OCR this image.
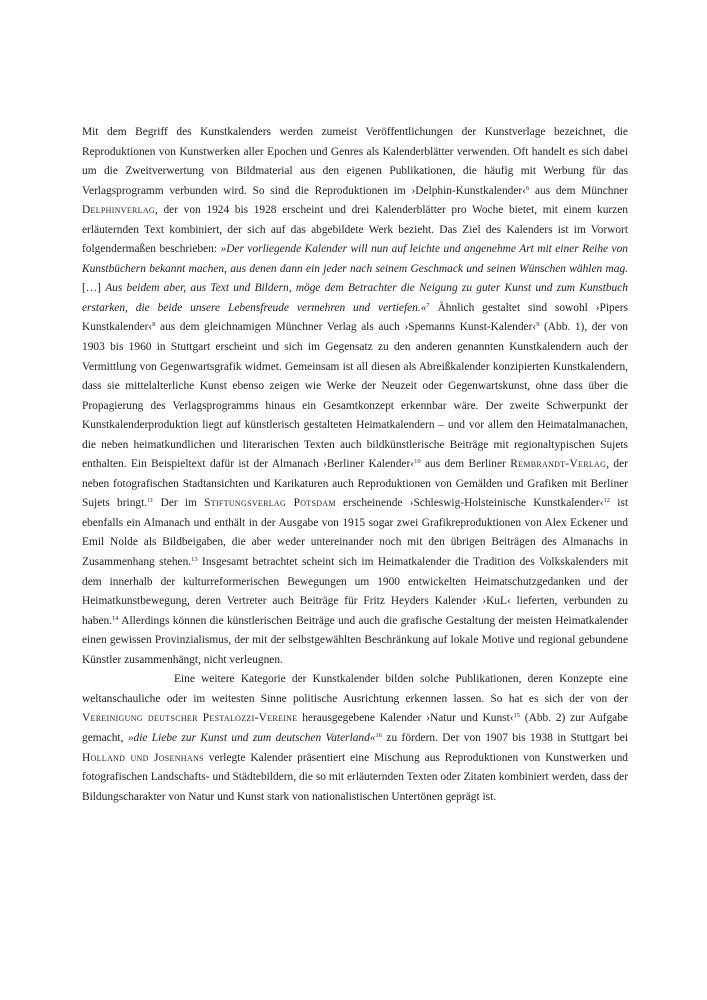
Mit dem Begriff des Kunstkalenders werden zumeist Veröffentlichungen der Kunstverlage bezeichnet, die Reproduktionen von Kunstwerken aller Epochen und Genres als Kalenderblätter verwenden. Oft handelt es sich dabei um die Zweitverwertung von Bildmaterial aus den eigenen Publikationen, die häufig mit Werbung für das Verlagsprogramm verbunden wird. So sind die Reproduktionen im ›Delphin-Kunstkalender‹$^6$ aus dem Münchner Delphinverlag, der von 1924 bis 1928 erscheint und drei Kalenderblätter pro Woche bietet, mit einem kurzen erläuternden Text kombiniert, der sich auf das abgebildete Werk bezieht. Das Ziel des Kalenders ist im Vorwort folgendermaßen beschrieben: »Der vorliegende Kalender will nun auf leichte und angenehme Art mit einer Reihe von Kunstbüchern bekannt machen, aus denen dann ein jeder nach seinem Geschmack und seinen Wünschen wählen mag. […] Aus beidem aber, aus Text und Bildern, möge dem Betrachter die Neigung zu guter Kunst und zum Kunstbuch erstarken, die beide unsere Lebensfreude vermehren und vertiefen.«$^7$ Ähnlich gestaltet sind sowohl ›Pipers Kunstkalender‹$^8$ aus dem gleichnamigen Münchner Verlag als auch ›Spemanns Kunst-Kalender‹$^9$ (Abb. 1), der von 1903 bis 1960 in Stuttgart erscheint und sich im Gegensatz zu den anderen genannten Kunstkalendern auch der Vermittlung von Gegenwartsgrafik widmet. Gemeinsam ist all diesen als Abreißkalender konzipierten Kunstkalendern, dass sie mittelalterliche Kunst ebenso zeigen wie Werke der Neuzeit oder Gegenwartskunst, ohne dass über die Propagierung des Verlagsprogramms hinaus ein Gesamtkonzept erkennbar wäre. Der zweite Schwerpunkt der Kunstkalenderproduktion liegt auf künstlerisch gestalteten Heimatkalendern – und vor allem den Heimatalmanachen, die neben heimatkundlichen und literarischen Texten auch bildkünstlerische Beiträge mit regionaltypischen Sujets enthalten. Ein Beispieltext dafür ist der Almanach ›Berliner Kalender‹$^{10}$ aus dem Berliner Rembrandt-Verlag, der neben fotografischen Stadtansichten und Karikaturen auch Reproduktionen von Gemälden und Grafiken mit Berliner Sujets bringt.$^{11}$ Der im Stiftungsverlag Potsdam erscheinende ›Schleswig-Holsteinische Kunstkalender‹$^{12}$ ist ebenfalls ein Almanach und enthält in der Ausgabe von 1915 sogar zwei Grafikreproduktionen von Alex Eckener und Emil Nolde als Bildbeigaben, die aber weder untereinander noch mit den übrigen Beiträgen des Almanachs in Zusammenhang stehen.$^{13}$ Insgesamt betrachtet scheint sich im Heimatkalender die Tradition des Volkskalenders mit dem innerhalb der kulturreformerischen Bewegungen um 1900 entwickelten Heimatschutzgedanken und der Heimatkunstbewegung, deren Vertreter auch Beiträge für Fritz Heyders Kalender ›KuL‹ lieferten, verbunden zu haben.$^{14}$ Allerdings können die künstlerischen Beiträge und auch die grafische Gestaltung der meisten Heimatkalender einen gewissen Provinzialismus, der mit der selbstgewählten Beschränkung auf lokale Motive und regional gebundene Künstler zusammenhängt, nicht verleugnen.

Eine weitere Kategorie der Kunstkalender bilden solche Publikationen, deren Konzepte eine weltanschauliche oder im weitesten Sinne politische Ausrichtung erkennen lassen. So hat es sich der von der Vereinigung deutscher Pestalozzi-Vereine herausgegebene Kalender ›Natur und Kunst‹$^{15}$ (Abb. 2) zur Aufgabe gemacht, »die Liebe zur Kunst und zum deutschen Vaterland«$^{16}$ zu fördern. Der von 1907 bis 1938 in Stuttgart bei Holland und Josenhans verlegte Kalender präsentiert eine Mischung aus Reproduktionen von Kunstwerken und fotografischen Landschafts- und Städtebildern, die so mit erläuternden Texten oder Zitaten kombiniert werden, dass der Bildungscharakter von Natur und Kunst stark von nationalistischen Untertönen geprägt ist.
